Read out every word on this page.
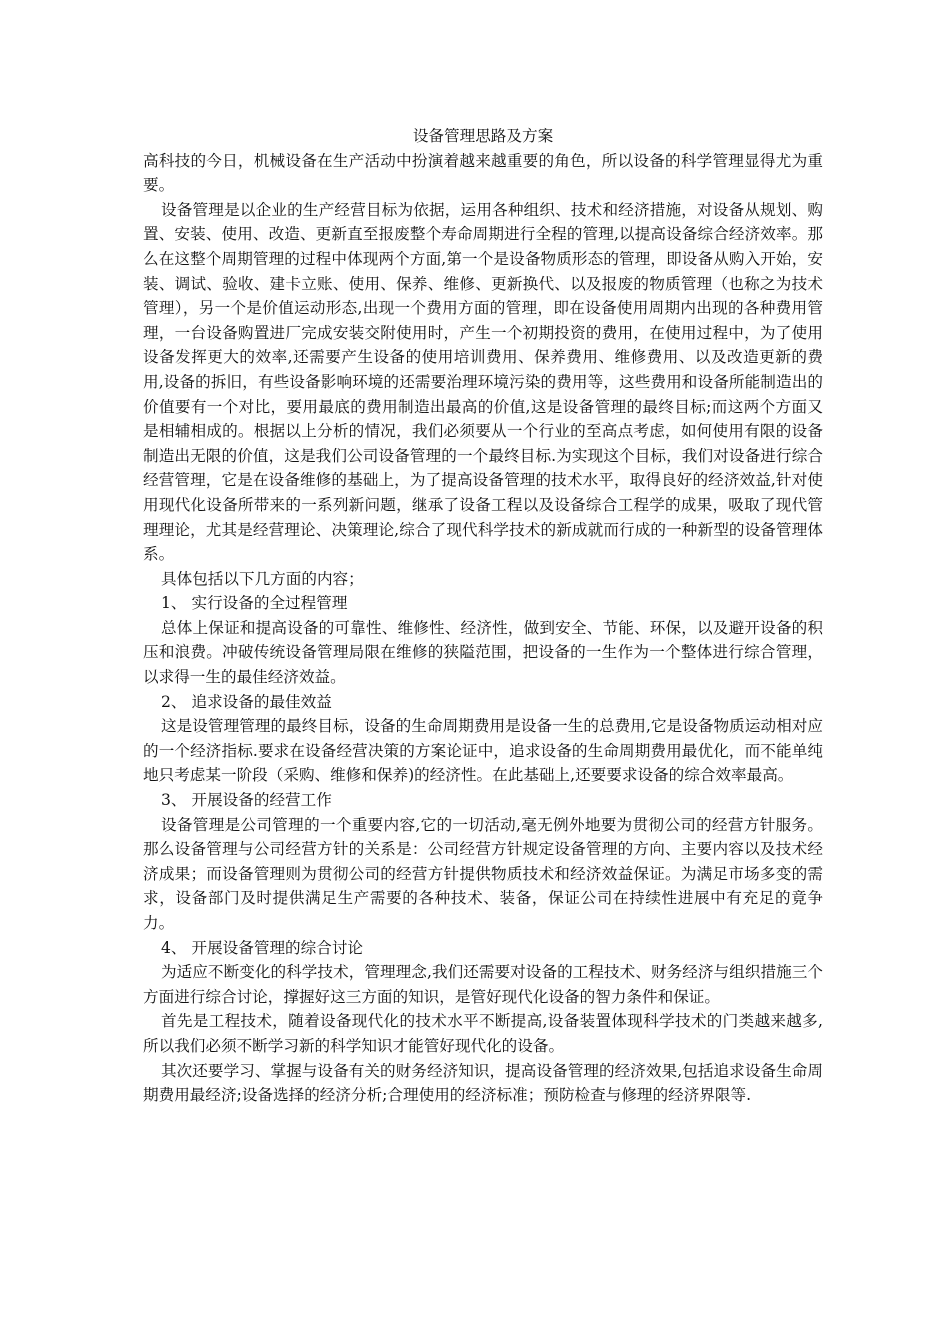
设备管理思路及方案

高科技的今日，机械设备在生产活动中扮演着越来越重要的角色，所以设备的科学管理显得尤为重要。

设备管理是以企业的生产经营目标为依据，运用各种组织、技术和经济措施，对设备从规划、购置、安装、使用、改造、更新直至报废整个寿命周期进行全程的管理,以提高设备综合经济效率。那么在这整个周期管理的过程中体现两个方面,第一个是设备物质形态的管理，即设备从购入开始，安装、调试、验收、建卡立账、使用、保养、维修、更新换代、以及报废的物质管理（也称之为技术管理），另一个是价值运动形态,出现一个费用方面的管理，即在设备使用周期内出现的各种费用管理，一台设备购置进厂完成安装交附使用时，产生一个初期投资的费用，在使用过程中，为了使用设备发挥更大的效率,还需要产生设备的使用培训费用、保养费用、维修费用、以及改造更新的费用,设备的拆旧，有些设备影响环境的还需要治理环境污染的费用等，这些费用和设备所能制造出的价值要有一个对比，要用最底的费用制造出最高的价值,这是设备管理的最终目标;而这两个方面又是相辅相成的。根据以上分析的情况，我们必须要从一个行业的至高点考虑，如何使用有限的设备制造出无限的价值，这是我们公司设备管理的一个最终目标.为实现这个目标，我们对设备进行综合经营管理，它是在设备维修的基础上，为了提高设备管理的技术水平，取得良好的经济效益,针对使用现代化设备所带来的一系列新问题，继承了设备工程以及设备综合工程学的成果，吸取了现代管理理论，尤其是经营理论、决策理论,综合了现代科学技术的新成就而行成的一种新型的设备管理体系。

具体包括以下几方面的内容；

1、 实行设备的全过程管理

总体上保证和提高设备的可靠性、维修性、经济性，做到安全、节能、环保，以及避开设备的积压和浪费。冲破传统设备管理局限在维修的狭隘范围，把设备的一生作为一个整体进行综合管理，以求得一生的最佳经济效益。

2、 追求设备的最佳效益

这是设管理管理的最终目标，设备的生命周期费用是设备一生的总费用,它是设备物质运动相对应的一个经济指标.要求在设备经营决策的方案论证中，追求设备的生命周期费用最优化，而不能单纯地只考虑某一阶段（采购、维修和保养)的经济性。在此基础上,还要要求设备的综合效率最高。

3、 开展设备的经营工作

设备管理是公司管理的一个重要内容,它的一切活动,毫无例外地要为贯彻公司的经营方针服务。那么设备管理与公司经营方针的关系是：公司经营方针规定设备管理的方向、主要内容以及技术经济成果；而设备管理则为贯彻公司的经营方针提供物质技术和经济效益保证。为满足市场多变的需求，设备部门及时提供满足生产需要的各种技术、装备，保证公司在持续性进展中有充足的竟争力。

4、 开展设备管理的综合讨论

为适应不断变化的科学技术，管理理念,我们还需要对设备的工程技术、财务经济与组织措施三个方面进行综合讨论，撑握好这三方面的知识，是管好现代化设备的智力条件和保证。

首先是工程技术，随着设备现代化的技术水平不断提高,设备装置体现科学技术的门类越来越多,所以我们必须不断学习新的科学知识才能管好现代化的设备。

其次还要学习、掌握与设备有关的财务经济知识，提高设备管理的经济效果,包括追求设备生命周期费用最经济;设备选择的经济分析;合理使用的经济标准；预防检查与修理的经济界限等.
